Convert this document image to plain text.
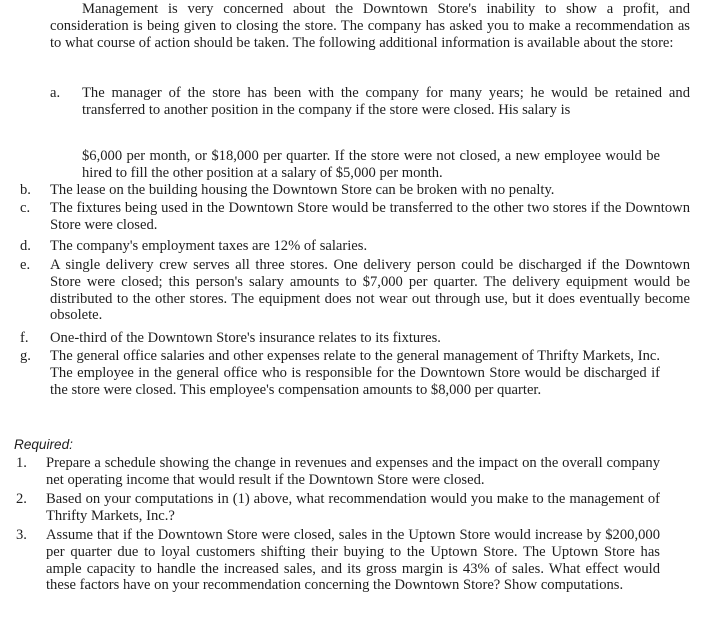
Management is very concerned about the Downtown Store's inability to show a profit, and consideration is being given to closing the store. The company has asked you to make a recommendation as to what course of action should be taken. The following additional information is available about the store:

a. The manager of the store has been with the company for many years; he would be retained and transferred to another position in the company if the store were closed. His salary is
$6,000 per month, or $18,000 per quarter. If the store were not closed, a new employee would be hired to fill the other position at a salary of $5,000 per month.
b. The lease on the building housing the Downtown Store can be broken with no penalty.
c. The fixtures being used in the Downtown Store would be transferred to the other two stores if the Downtown Store were closed.
d. The company's employment taxes are 12% of salaries.
e. A single delivery crew serves all three stores. One delivery person could be discharged if the Downtown Store were closed; this person's salary amounts to $7,000 per quarter. The delivery equipment would be distributed to the other stores. The equipment does not wear out through use, but it does eventually become obsolete.
f. One-third of the Downtown Store's insurance relates to its fixtures.
g. The general office salaries and other expenses relate to the general management of Thrifty Markets, Inc. The employee in the general office who is responsible for the Downtown Store would be discharged if the store were closed. This employee's compensation amounts to $8,000 per quarter.
Required:
1. Prepare a schedule showing the change in revenues and expenses and the impact on the overall company net operating income that would result if the Downtown Store were closed.
2. Based on your computations in (1) above, what recommendation would you make to the management of Thrifty Markets, Inc.?
3. Assume that if the Downtown Store were closed, sales in the Uptown Store would increase by $200,000 per quarter due to loyal customers shifting their buying to the Uptown Store. The Uptown Store has ample capacity to handle the increased sales, and its gross margin is 43% of sales. What effect would these factors have on your recommendation concerning the Downtown Store? Show computations.
